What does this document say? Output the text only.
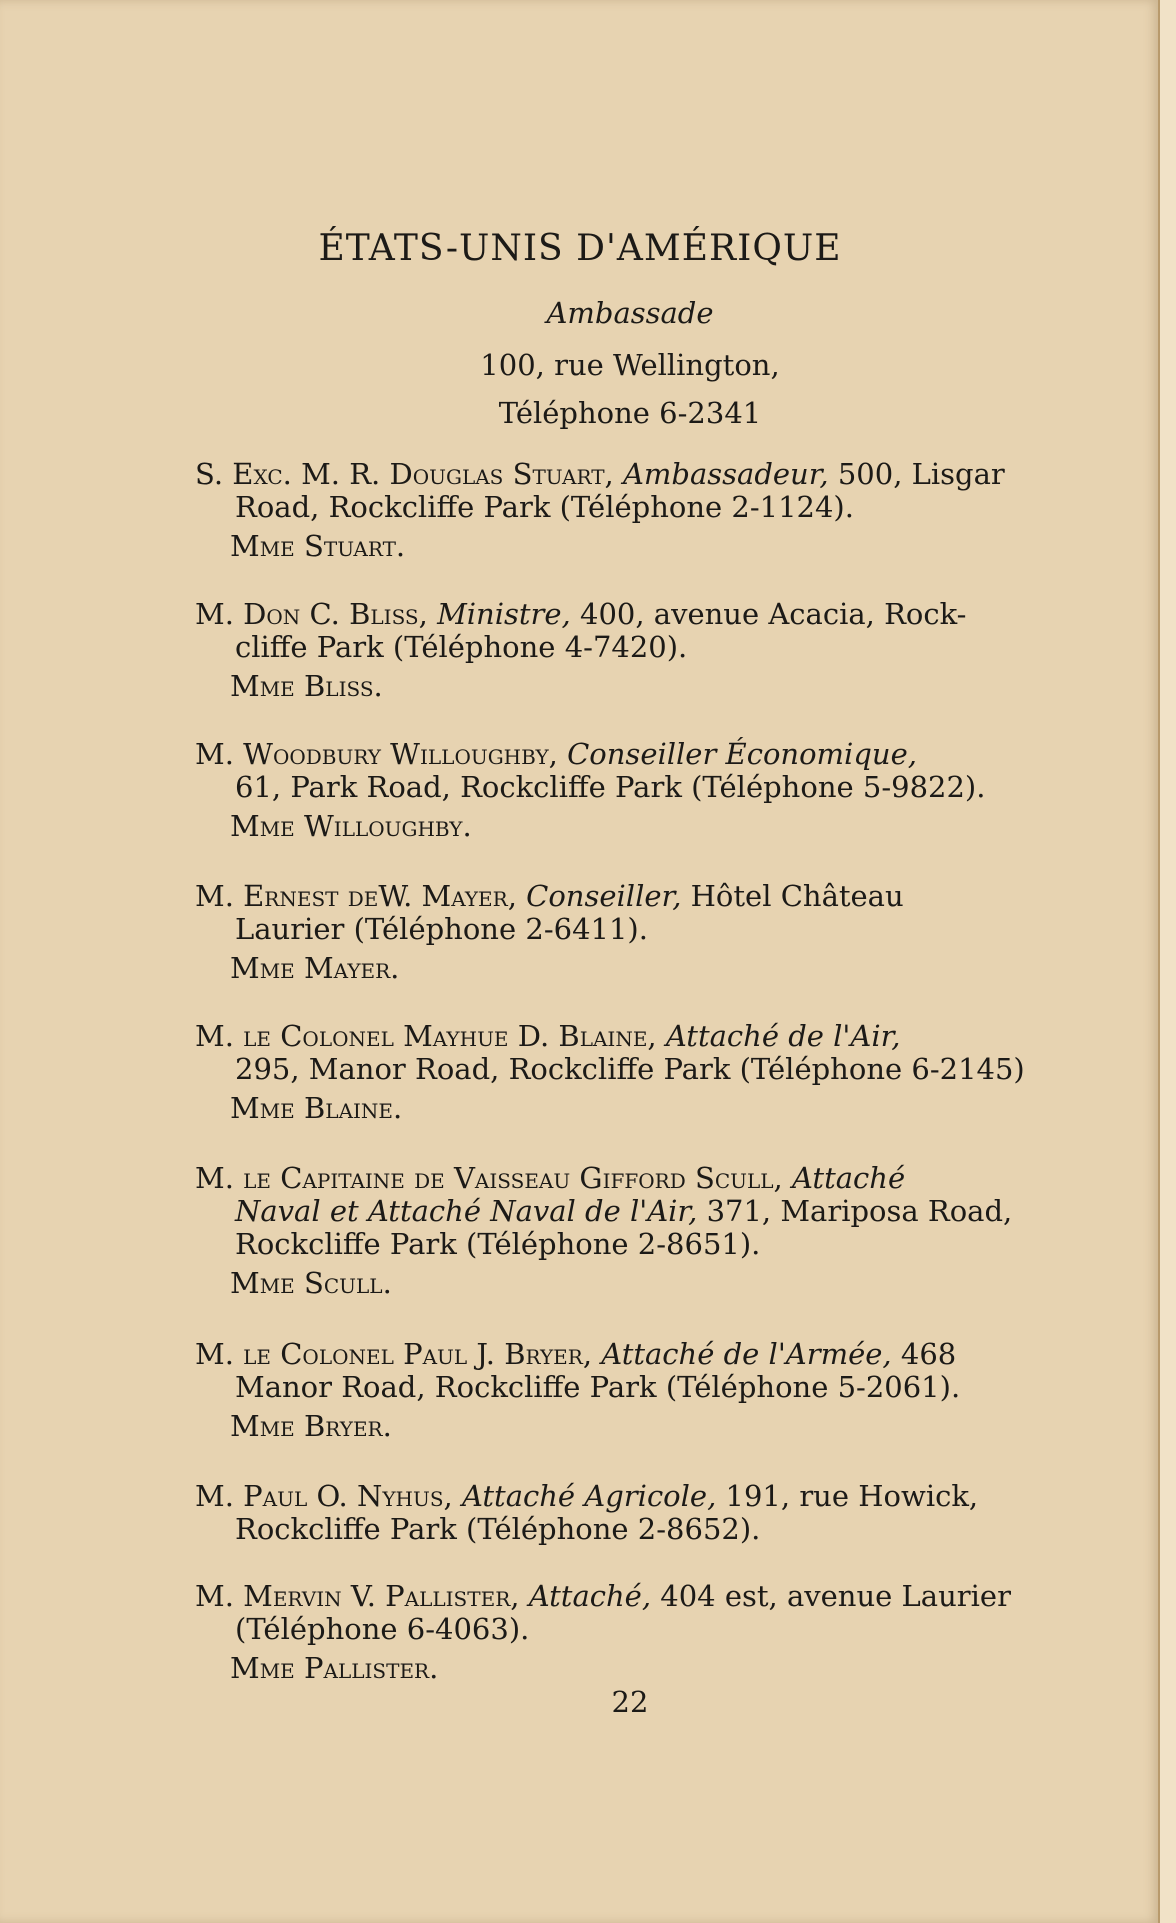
ÉTATS-UNIS D'AMÉRIQUE
Ambassade
100, rue Wellington,
Téléphone 6-2341

S. Exc. M. R. Douglas Stuart, Ambassadeur, 500, Lisgar

Road, Rockcliffe Park (Téléphone 2-1124).

Mme Stuart.

M. Don C. Bliss, Ministre, 400, avenue Acacia, Rock-

cliffe Park (Téléphone 4-7420).

Mme Bliss.

M. Woodbury Willoughby, Conseiller Économique,

61, Park Road, Rockcliffe Park (Téléphone 5-9822).

Mme Willoughby.

M. Ernest deW. Mayer, Conseiller, Hôtel Château

Laurier (Téléphone 2-6411).

Mme Mayer.

M. le Colonel Mayhue D. Blaine, Attaché de l'Air,

295, Manor Road, Rockcliffe Park (Téléphone 6-2145)

Mme Blaine.

M. le Capitaine de Vaisseau Gifford Scull, Attaché

Naval et Attaché Naval de l'Air, 371, Mariposa Road,

Rockcliffe Park (Téléphone 2-8651).

Mme Scull.

M. le Colonel Paul J. Bryer, Attaché de l'Armée, 468

Manor Road, Rockcliffe Park (Téléphone 5-2061).

Mme Bryer.

M. Paul O. Nyhus, Attaché Agricole, 191, rue Howick,

Rockcliffe Park (Téléphone 2-8652).

M. Mervin V. Pallister, Attaché, 404 est, avenue Laurier

(Téléphone 6-4063).

Mme Pallister.

22
